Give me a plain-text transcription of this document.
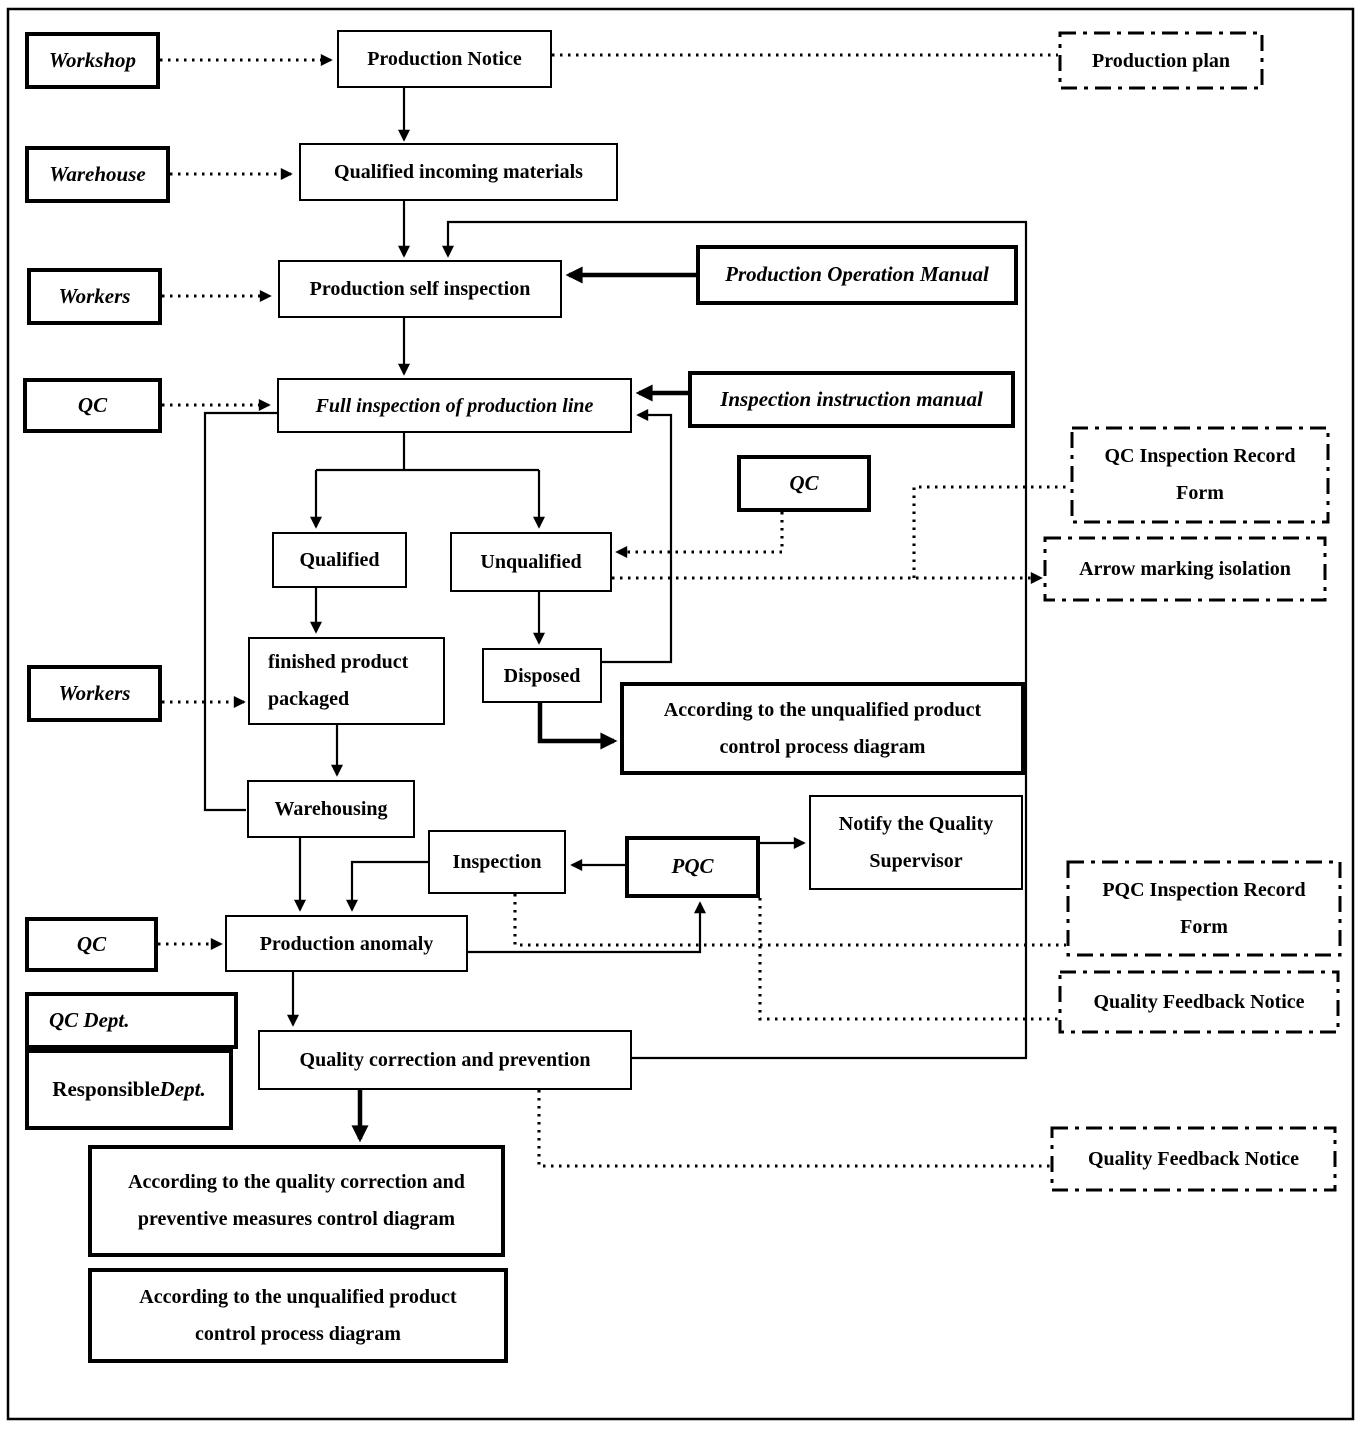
Workshop
Warehouse
Workers
QC
Workers
QC
QC Dept.
Responsible Dept.
Production Notice
Qualified incoming materials
Production self inspection
Production Operation Manual
Full inspection of production line	Inspection instruction manual
QC
Qualified	Unqualified
finished product
packaged
Disposed
According to the unqualified product
control process diagram
Warehousing
Inspection	PQC
Notify the Quality
Supervisor
Production anomaly
Quality correction and prevention
According to the quality correction and
preventive measures control diagram
According to the unqualified product
control process diagram
Production plan
QC Inspection Record
Form
Arrow marking isolation
PQC Inspection Record
Form
Quality Feedback Notice
Quality Feedback Notice
